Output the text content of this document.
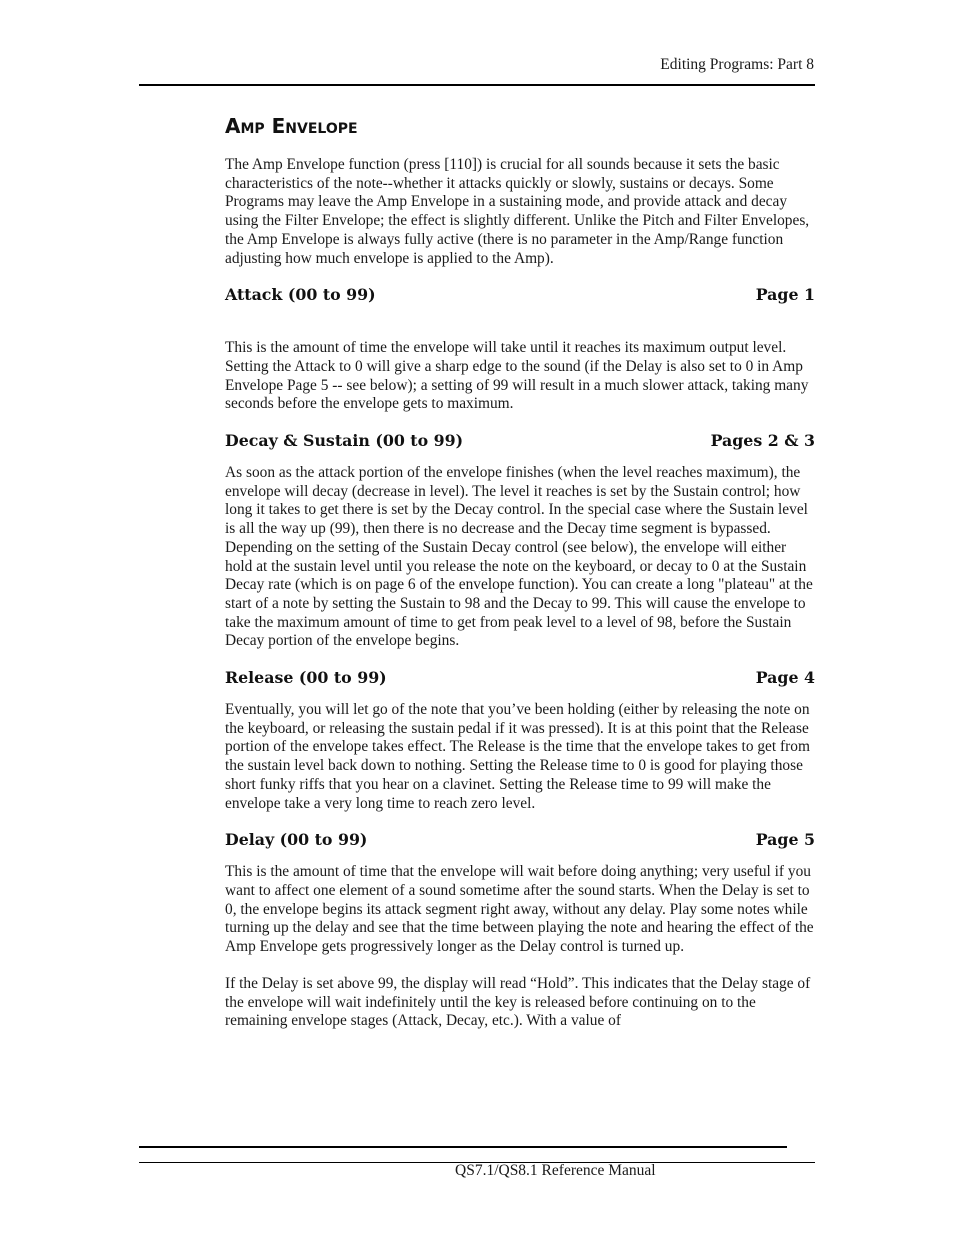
Editing Programs: Part 8
Amp Envelope

The Amp Envelope function (press [110]) is crucial for all sounds because it sets the basic characteristics of the note--whether it attacks quickly or slowly, sustains or decays. Some Programs may leave the Amp Envelope in a sustaining mode, and provide attack and decay using the Filter Envelope; the effect is slightly different. Unlike the Pitch and Filter Envelopes, the Amp Envelope is always fully active (there is no parameter in the Amp/Range function adjusting how much envelope is applied to the Amp).

Attack (00 to 99)	Page 1

This is the amount of time the envelope will take until it reaches its maximum output level. Setting the Attack to 0 will give a sharp edge to the sound (if the Delay is also set to 0 in Amp Envelope Page 5 -- see below); a setting of 99 will result in a much slower attack, taking many seconds before the envelope gets to maximum.

Decay & Sustain (00 to 99)	Pages 2 & 3

As soon as the attack portion of the envelope finishes (when the level reaches maximum), the envelope will decay (decrease in level). The level it reaches is set by the Sustain control; how long it takes to get there is set by the Decay control. In the special case where the Sustain level is all the way up (99), then there is no decrease and the Decay time segment is bypassed. Depending on the setting of the Sustain Decay control (see below), the envelope will either hold at the sustain level until you release the note on the keyboard, or decay to 0 at the Sustain Decay rate (which is on page 6 of the envelope function). You can create a long "plateau" at the start of a note by setting the Sustain to 98 and the Decay to 99. This will cause the envelope to take the maximum amount of time to get from peak level to a level of 98, before the Sustain Decay portion of the envelope begins.

Release (00 to 99)	Page 4

Eventually, you will let go of the note that you’ve been holding (either by releasing the note on the keyboard, or releasing the sustain pedal if it was pressed). It is at this point that the Release portion of the envelope takes effect. The Release is the time that the envelope takes to get from the sustain level back down to nothing. Setting the Release time to 0 is good for playing those short funky riffs that you hear on a clavinet. Setting the Release time to 99 will make the envelope take a very long time to reach zero level.

Delay (00 to 99)	Page 5

This is the amount of time that the envelope will wait before doing anything; very useful if you want to affect one element of a sound sometime after the sound starts. When the Delay is set to 0, the envelope begins its attack segment right away, without any delay. Play some notes while turning up the delay and see that the time between playing the note and hearing the effect of the Amp Envelope gets progressively longer as the Delay control is turned up.

If the Delay is set above 99, the display will read “Hold”. This indicates that the Delay stage of the envelope will wait indefinitely until the key is released before continuing on to the remaining envelope stages (Attack, Decay, etc.). With a value of

QS7.1/QS8.1 Reference Manual
